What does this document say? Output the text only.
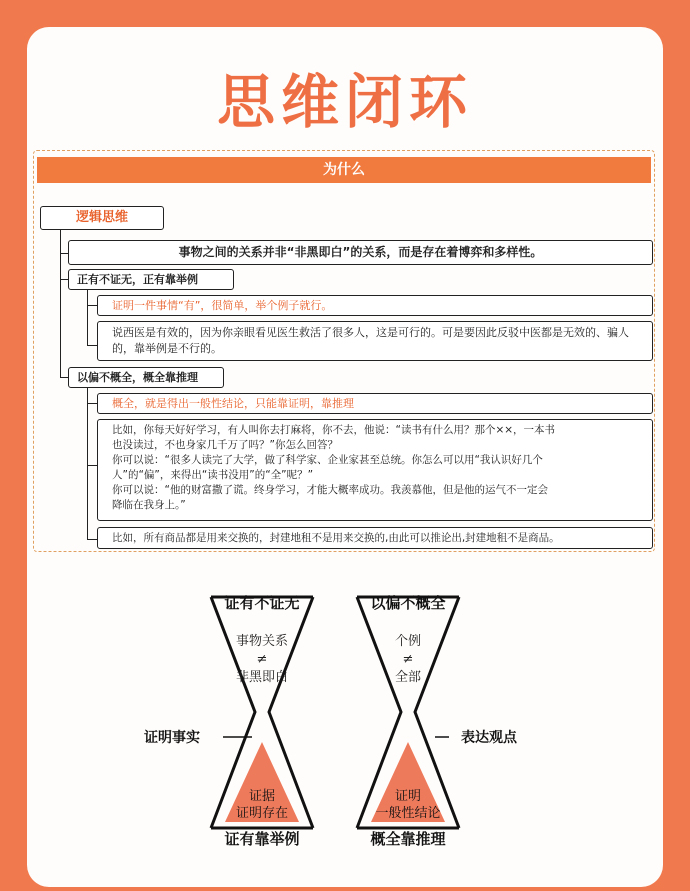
思维闭环
为什么
逻辑思维
事物之间的关系并非“非黑即白”的关系，而是存在着博弈和多样性。
正有不证无，正有靠举例
证明一件事情“有”，很简单，举个例子就行。
说西医是有效的，因为你亲眼看见医生救活了很多人，这是可行的。可是要因此反驳中医都是无效的、骗人的，靠举例是不行的。
以偏不概全，概全靠推理
概全，就是得出一般性结论，只能靠证明，靠推理
比如，你每天好好学习，有人叫你去打麻将，你不去，他说：“读书有什么用？那个××，一本书
也没读过，不也身家几千万了吗？”你怎么回答？
你可以说：“很多人读完了大学，做了科学家、企业家甚至总统。你怎么可以用“我认识好几个
人”的“偏”，来得出“读书没用”的“全”呢？”
你可以说：“他的财富撒了谎。终身学习，才能大概率成功。我羡慕他，但是他的运气不一定会
降临在我身上。”
比如，所有商品都是用来交换的，封建地租不是用来交换的,由此可以推论出,封建地租不是商品。
证有不证无
事物关系
≠
非黑即白
证明事实
证据
证明存在
证有靠举例
以偏不概全
个例
≠
全部
表达观点
证明
一般性结论
概全靠推理
